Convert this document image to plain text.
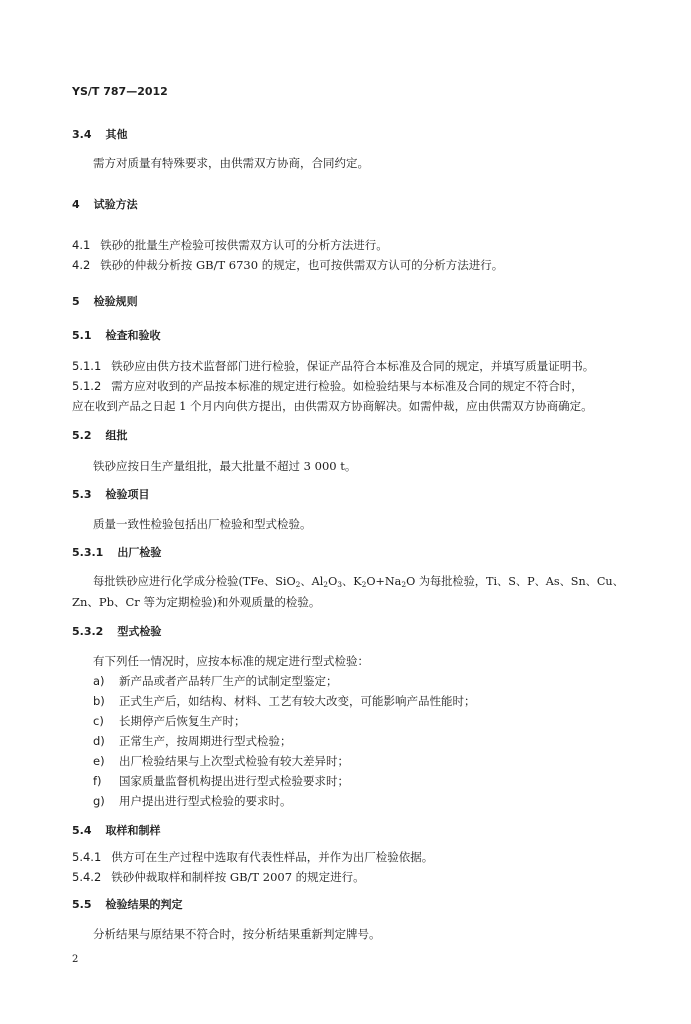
YS/T 787—2012
3.4 其他
需方对质量有特殊要求，由供需双方协商，合同约定。
4 试验方法
4.1 铁砂的批量生产检验可按供需双方认可的分析方法进行。
4.2 铁砂的仲裁分析按 GB/T 6730 的规定，也可按供需双方认可的分析方法进行。
5 检验规则
5.1 检查和验收
5.1.1 铁砂应由供方技术监督部门进行检验，保证产品符合本标准及合同的规定，并填写质量证明书。
5.1.2 需方应对收到的产品按本标准的规定进行检验。如检验结果与本标准及合同的规定不符合时，
应在收到产品之日起 1 个月内向供方提出，由供需双方协商解决。如需仲裁，应由供需双方协商确定。
5.2 组批
铁砂应按日生产量组批，最大批量不超过 3 000 t。
5.3 检验项目
质量一致性检验包括出厂检验和型式检验。
5.3.1 出厂检验
每批铁砂应进行化学成分检验(TFe、SiO$_2$、$Al_2O_3$、$K_2O+Na_2O$ 为每批检验，Ti、S、P、As、Sn、Cu、
Zn、Pb、Cr 等为定期检验)和外观质量的检验。
5.3.2 型式检验
有下列任一情况时，应按本标准的规定进行型式检验：
a) 新产品或者产品转厂生产的试制定型鉴定；
b) 正式生产后，如结构、材料、工艺有较大改变，可能影响产品性能时；
c) 长期停产后恢复生产时；
d) 正常生产，按周期进行型式检验；
e) 出厂检验结果与上次型式检验有较大差异时；
f) 国家质量监督机构提出进行型式检验要求时；
g) 用户提出进行型式检验的要求时。
5.4 取样和制样
5.4.1 供方可在生产过程中选取有代表性样品，并作为出厂检验依据。
5.4.2 铁砂仲裁取样和制样按 GB/T 2007 的规定进行。
5.5 检验结果的判定
分析结果与原结果不符合时，按分析结果重新判定牌号。
2
